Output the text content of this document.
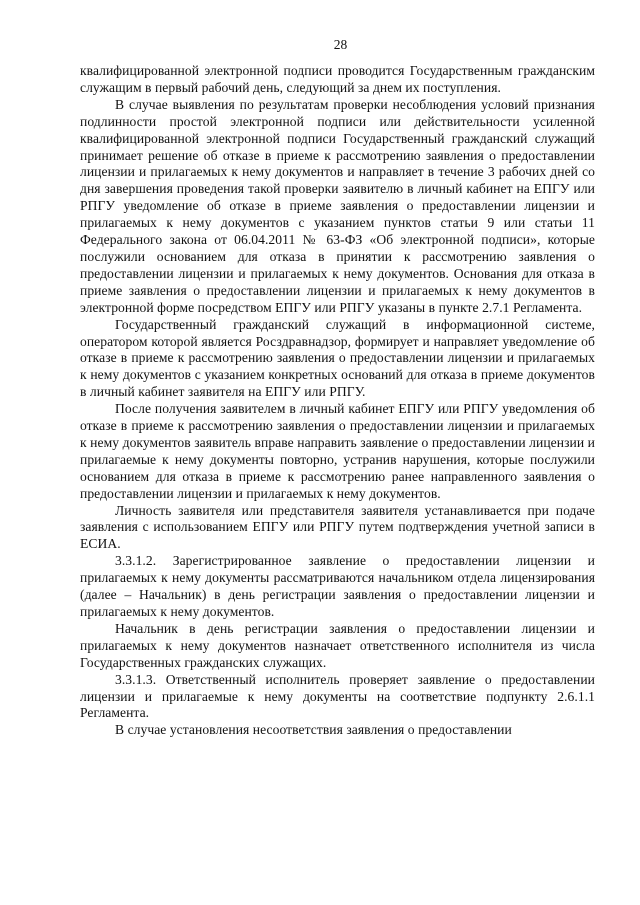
28

квалифицированной электронной подписи проводится Государственным гражданским служащим в первый рабочий день, следующий за днем их поступления.

В случае выявления по результатам проверки несоблюдения условий признания подлинности простой электронной подписи или действительности усиленной квалифицированной электронной подписи Государственный гражданский служащий принимает решение об отказе в приеме к рассмотрению заявления о предоставлении лицензии и прилагаемых к нему документов и направляет в течение 3 рабочих дней со дня завершения проведения такой проверки заявителю в личный кабинет на ЕПГУ или РПГУ уведомление об отказе в приеме заявления о предоставлении лицензии и прилагаемых к нему документов с указанием пунктов статьи 9 или статьи 11 Федерального закона от 06.04.2011 № 63-ФЗ «Об электронной подписи», которые послужили основанием для отказа в принятии к рассмотрению заявления о предоставлении лицензии и прилагаемых к нему документов. Основания для отказа в приеме заявления о предоставлении лицензии и прилагаемых к нему документов в электронной форме посредством ЕПГУ или РПГУ указаны в пункте 2.7.1 Регламента.

Государственный гражданский служащий в информационной системе, оператором которой является Росздравнадзор, формирует и направляет уведомление об отказе в приеме к рассмотрению заявления о предоставлении лицензии и прилагаемых к нему документов с указанием конкретных оснований для отказа в приеме документов в личный кабинет заявителя на ЕПГУ или РПГУ.

После получения заявителем в личный кабинет ЕПГУ или РПГУ уведомления об отказе в приеме к рассмотрению заявления о предоставлении лицензии и прилагаемых к нему документов заявитель вправе направить заявление о предоставлении лицензии и прилагаемые к нему документы повторно, устранив нарушения, которые послужили основанием для отказа в приеме к рассмотрению ранее направленного заявления о предоставлении лицензии и прилагаемых к нему документов.

Личность заявителя или представителя заявителя устанавливается при подаче заявления с использованием ЕПГУ или РПГУ путем подтверждения учетной записи в ЕСИА.

3.3.1.2. Зарегистрированное заявление о предоставлении лицензии и прилагаемых к нему документы рассматриваются начальником отдела лицензирования (далее – Начальник) в день регистрации заявления о предоставлении лицензии и прилагаемых к нему документов.

Начальник в день регистрации заявления о предоставлении лицензии и прилагаемых к нему документов назначает ответственного исполнителя из числа Государственных гражданских служащих.

3.3.1.3. Ответственный исполнитель проверяет заявление о предоставлении лицензии и прилагаемые к нему документы на соответствие подпункту 2.6.1.1 Регламента.

В случае установления несоответствия заявления о предоставлении
